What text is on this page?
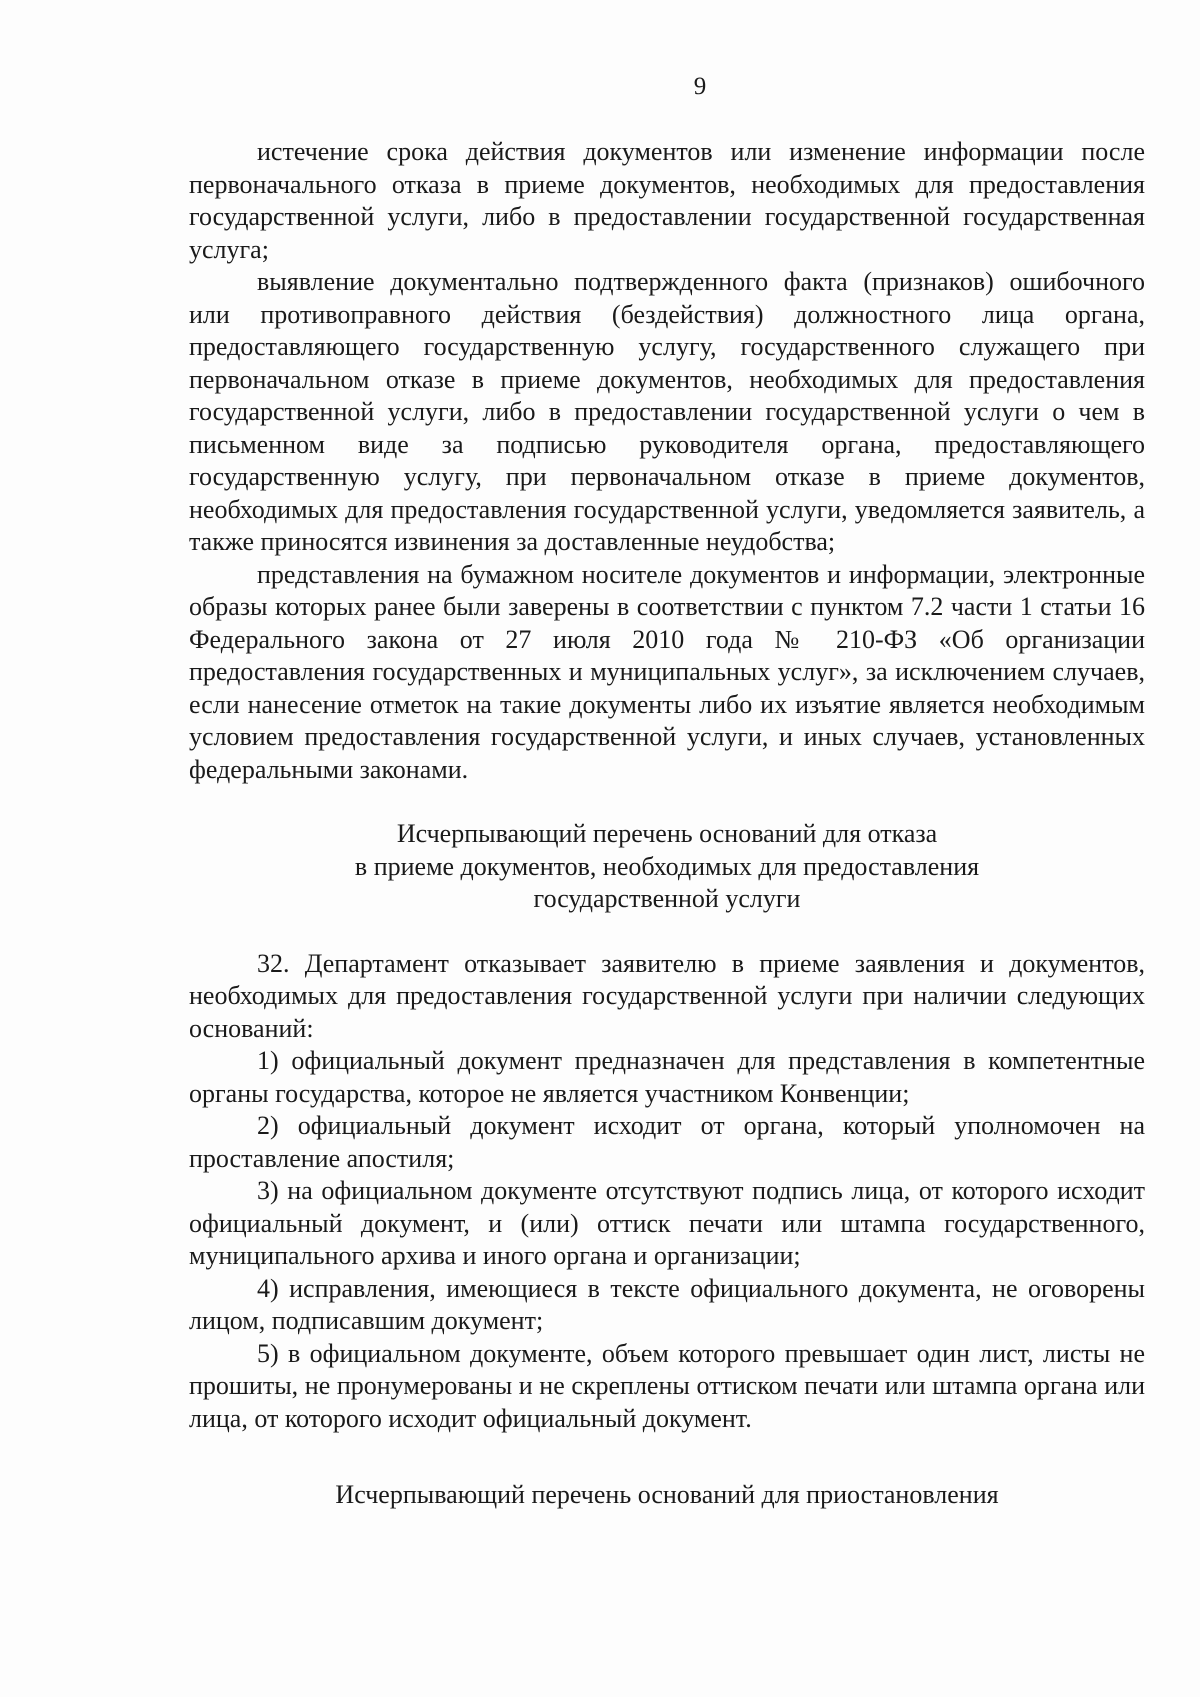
9

истечение срока действия документов или изменение информации после первоначального отказа в приеме документов, необходимых для предоставления государственной услуги, либо в предоставлении государственной государственная услуга;

выявление документально подтвержденного факта (признаков) ошибочного или противоправного действия (бездействия) должностного лица органа, предоставляющего государственную услугу, государственного служащего при первоначальном отказе в приеме документов, необходимых для предоставления государственной услуги, либо в предоставлении государственной услуги о чем в письменном виде за подписью руководителя органа, предоставляющего государственную услугу, при первоначальном отказе в приеме документов, необходимых для предоставления государственной услуги, уведомляется заявитель, а также приносятся извинения за доставленные неудобства;

представления на бумажном носителе документов и информации, электронные образы которых ранее были заверены в соответствии с пунктом 7.2 части 1 статьи 16 Федерального закона от 27 июля 2010 года № 210-ФЗ «Об организации предоставления государственных и муниципальных услуг», за исключением случаев, если нанесение отметок на такие документы либо их изъятие является необходимым условием предоставления государственной услуги, и иных случаев, установленных федеральными законами.

Исчерпывающий перечень оснований для отказа

в приеме документов, необходимых для предоставления

государственной услуги

32. Департамент отказывает заявителю в приеме заявления и документов, необходимых для предоставления государственной услуги при наличии следующих оснований:

1) официальный документ предназначен для представления в компетентные органы государства, которое не является участником Конвенции;

2) официальный документ исходит от органа, который уполномочен на проставление апостиля;

3) на официальном документе отсутствуют подпись лица, от которого исходит официальный документ, и (или) оттиск печати или штампа государственного, муниципального архива и иного органа и организации;

4) исправления, имеющиеся в тексте официального документа, не оговорены лицом, подписавшим документ;

5) в официальном документе, объем которого превышает один лист, листы не прошиты, не пронумерованы и не скреплены оттиском печати или штампа органа или лица, от которого исходит официальный документ.

Исчерпывающий перечень оснований для приостановления
